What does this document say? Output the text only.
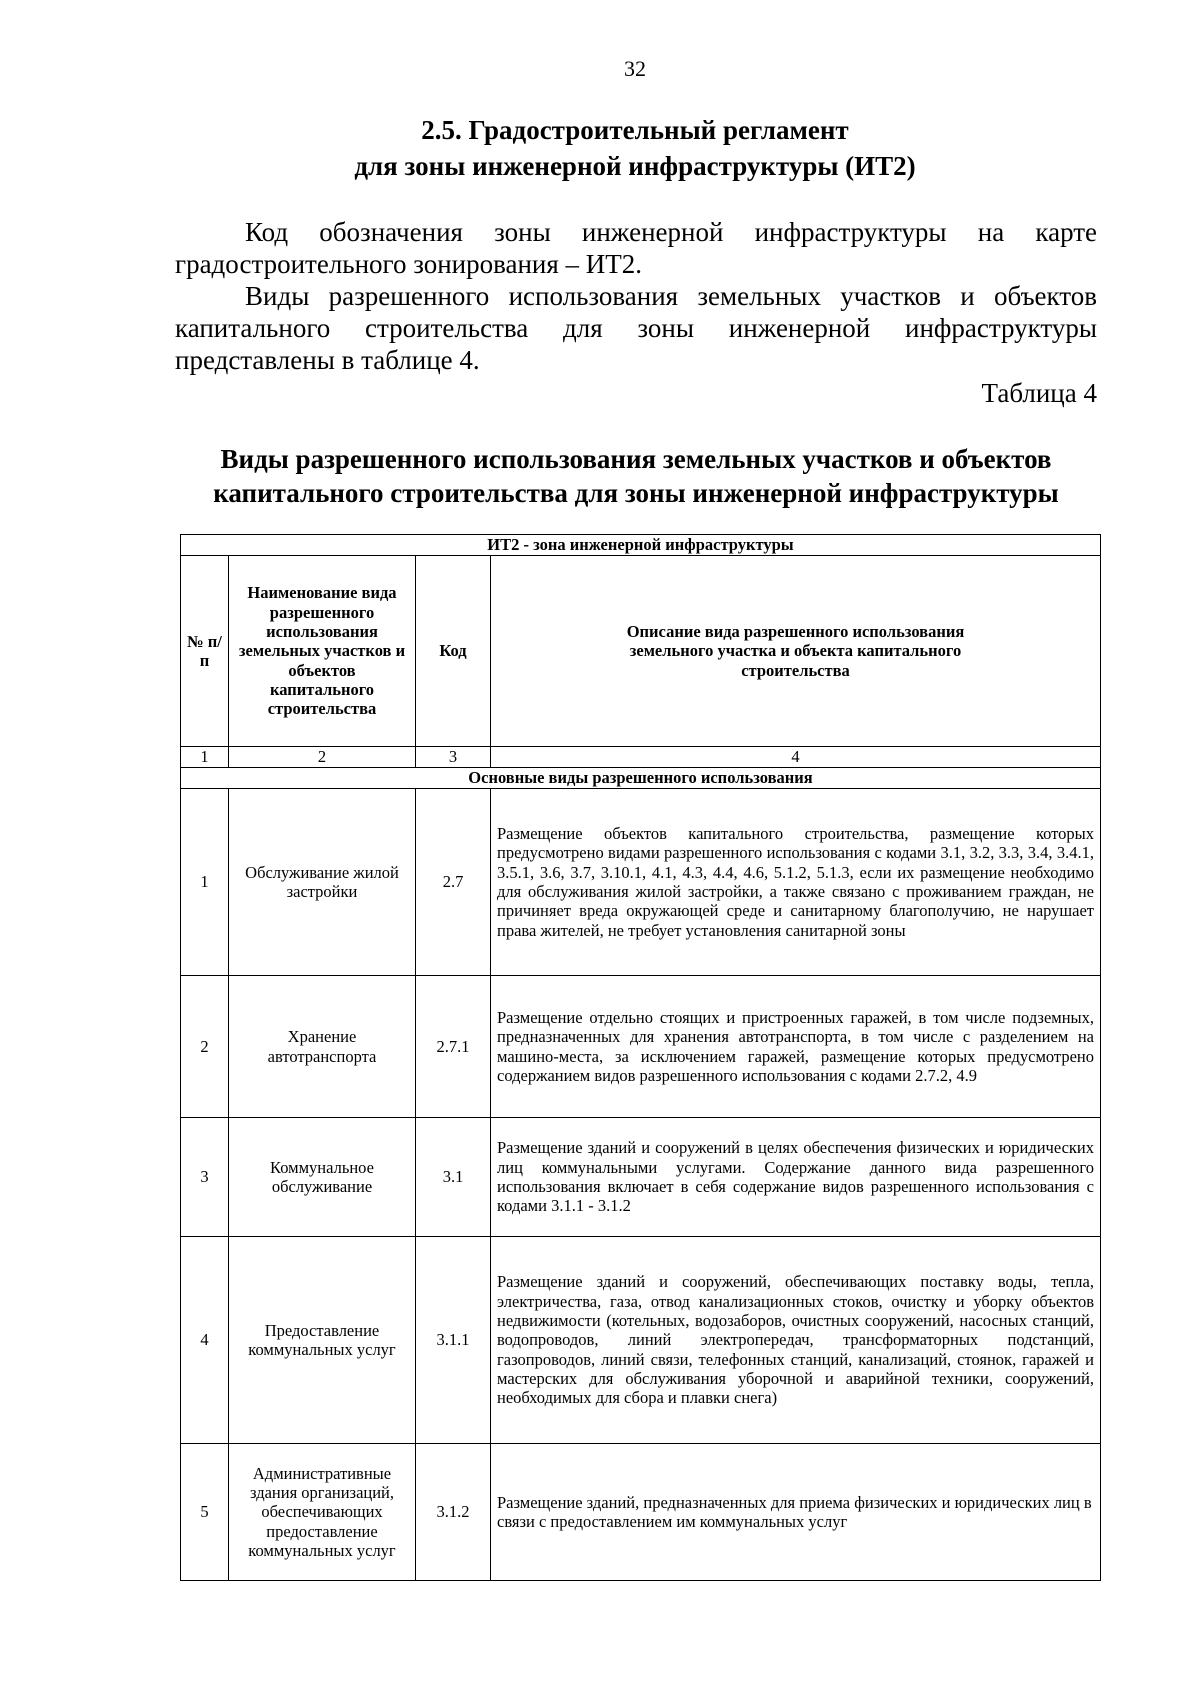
32
2.5. Градостроительный регламент
для зоны инженерной инфраструктуры (ИТ2)

Код обозначения зоны инженерной инфраструктуры на карте градостроительного зонирования – ИТ2.

Виды разрешенного использования земельных участков и объектов капитального строительства для зоны инженерной инфраструктуры представлены в таблице 4.

Таблица 4
Виды разрешенного использования земельных участков и объектов
капитального строительства для зоны инженерной инфраструктуры
ИТ2 - зона инженерной инфраструктуры			
№ п/п	Наименование вида разрешенного использования земельных участков и объектов капитального строительства	Код	Описание вида разрешенного использования земельного участка и объекта капитального строительства
1	2	3	4
Основные виды разрешенного использования			
1	Обслуживание жилой застройки	2.7	Размещение объектов капитального строительства, размещение которых предусмотрено видами разрешенного использования с кодами 3.1, 3.2, 3.3, 3.4, 3.4.1, 3.5.1, 3.6, 3.7, 3.10.1, 4.1, 4.3, 4.4, 4.6, 5.1.2, 5.1.3, если их размещение необходимо для обслуживания жилой застройки, а также связано с проживанием граждан, не причиняет вреда окружающей среде и санитарному благополучию, не нарушает права жителей, не требует установления санитарной зоны
2	Хранение автотранспорта	2.7.1	Размещение отдельно стоящих и пристроенных гаражей, в том числе подземных, предназначенных для хранения автотранспорта, в том числе с разделением на машино-места, за исключением гаражей, размещение которых предусмотрено содержанием видов разрешенного использования с кодами 2.7.2, 4.9
3	Коммунальное обслуживание	3.1	Размещение зданий и сооружений в целях обеспечения физических и юридических лиц коммунальными услугами. Содержание данного вида разрешенного использования включает в себя содержание видов разрешенного использования с кодами 3.1.1 - 3.1.2
4	Предоставление коммунальных услуг	3.1.1	Размещение зданий и сооружений, обеспечивающих поставку воды, тепла, электричества, газа, отвод канализационных стоков, очистку и уборку объектов недвижимости (котельных, водозаборов, очистных сооружений, насосных станций, водопроводов, линий электропередач, трансформаторных подстанций, газопроводов, линий связи, телефонных станций, канализаций, стоянок, гаражей и мастерских для обслуживания уборочной и аварийной техники, сооружений, необходимых для сбора и плавки снега)
5	Административные здания организаций, обеспечивающих предоставление коммунальных услуг	3.1.2	Размещение зданий, предназначенных для приема физических и юридических лиц в связи с предоставлением им коммунальных услуг
